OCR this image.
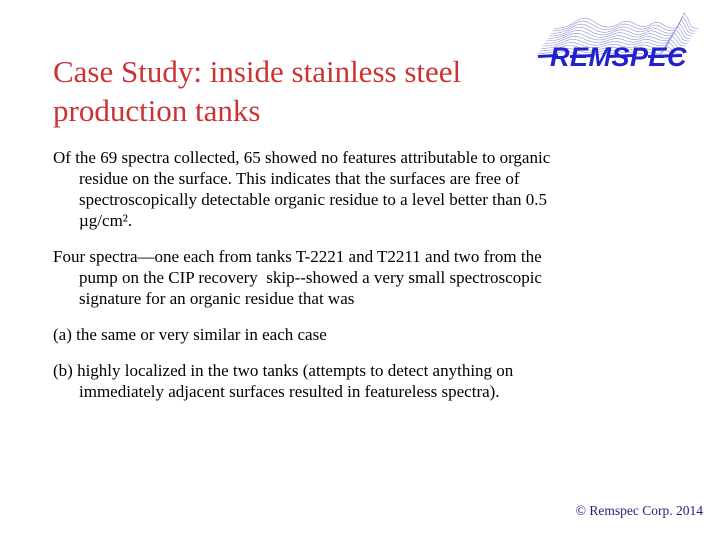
Case Study: inside stainless steel
production tanks
REMSPEC
Of the 69 spectra collected, 65 showed no features attributable to organic
residue on the surface. This indicates that the surfaces are free of
spectroscopically detectable organic residue to a level better than 0.5
µg/cm².
Four spectra—one each from tanks T-2221 and T2211 and two from the
pump on the CIP recovery  skip--showed a very small spectroscopic
signature for an organic residue that was
(a) the same or very similar in each case
(b) highly localized in the two tanks (attempts to detect anything on
immediately adjacent surfaces resulted in featureless spectra).
© Remspec Corp. 2014
